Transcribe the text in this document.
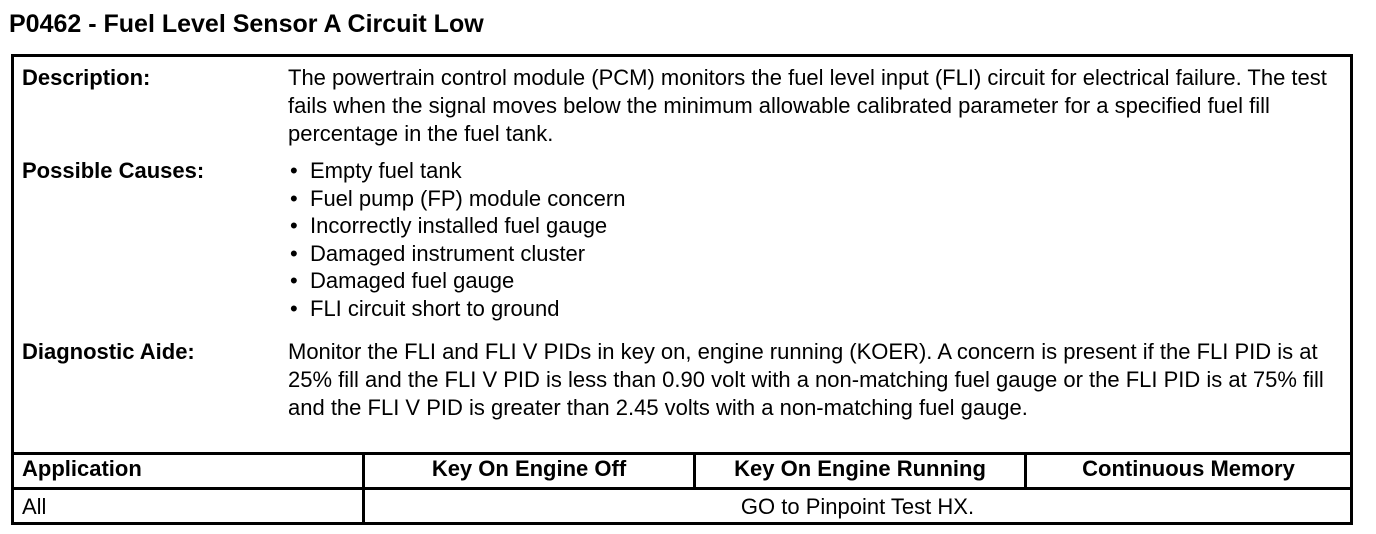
P0462 - Fuel Level Sensor A Circuit Low
Description:	The powertrain control module (PCM) monitors the fuel level input (FLI) circuit for electrical failure. The test fails when the signal moves below the minimum allowable calibrated parameter for a specified fuel fill percentage in the fuel tank.

Possible Causes:	• Empty fuel tank
• Fuel pump (FP) module concern
• Incorrectly installed fuel gauge
• Damaged instrument cluster
• Damaged fuel gauge
• FLI circuit short to ground
Diagnostic Aide:	Monitor the FLI and FLI V PIDs in key on, engine running (KOER). A concern is present if the FLI PID is at 25% fill and the FLI V PID is less than 0.90 volt with a non-matching fuel gauge or the FLI PID is at 75% fill and the FLI V PID is greater than 2.45 volts with a non-matching fuel gauge.

Application	Key On Engine Off	Key On Engine Running	Continuous Memory
All	GO to Pinpoint Test HX.
